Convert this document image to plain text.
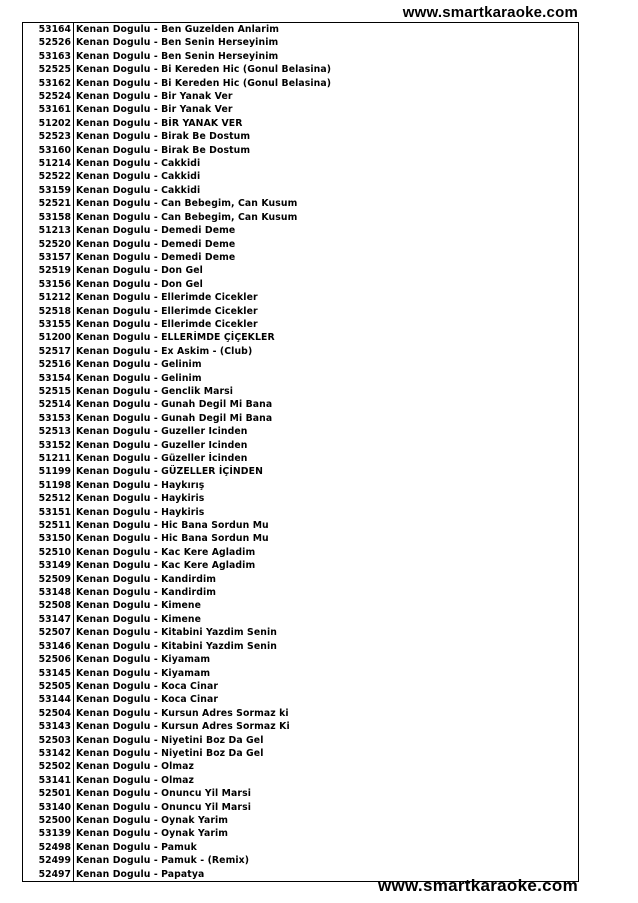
www.smartkaraoke.com
53164	Kenan Dogulu - Ben Guzelden Anlarim
52526	Kenan Dogulu - Ben Senin Herseyinim
53163	Kenan Dogulu - Ben Senin Herseyinim
52525	Kenan Dogulu - Bi Kereden Hic (Gonul Belasina)
53162	Kenan Dogulu - Bi Kereden Hic (Gonul Belasina)
52524	Kenan Dogulu - Bir Yanak Ver
53161	Kenan Dogulu - Bir Yanak Ver
51202	Kenan Dogulu - BİR YANAK VER
52523	Kenan Dogulu - Birak Be Dostum
53160	Kenan Dogulu - Birak Be Dostum
51214	Kenan Dogulu - Cakkidi
52522	Kenan Dogulu - Cakkidi
53159	Kenan Dogulu - Cakkidi
52521	Kenan Dogulu - Can Bebegim, Can Kusum
53158	Kenan Dogulu - Can Bebegim, Can Kusum
51213	Kenan Dogulu - Demedi Deme
52520	Kenan Dogulu - Demedi Deme
53157	Kenan Dogulu - Demedi Deme
52519	Kenan Dogulu - Don Gel
53156	Kenan Dogulu - Don Gel
51212	Kenan Dogulu - Ellerimde Cicekler
52518	Kenan Dogulu - Ellerimde Cicekler
53155	Kenan Dogulu - Ellerimde Cicekler
51200	Kenan Dogulu - ELLERİMDE ÇİÇEKLER
52517	Kenan Dogulu - Ex Askim - (Club)
52516	Kenan Dogulu - Gelinim
53154	Kenan Dogulu - Gelinim
52515	Kenan Dogulu - Genclik Marsi
52514	Kenan Dogulu - Gunah Degil Mi Bana
53153	Kenan Dogulu - Gunah Degil Mi Bana
52513	Kenan Dogulu - Guzeller Icinden
53152	Kenan Dogulu - Guzeller Icinden
51211	Kenan Dogulu - Güzeller İcinden
51199	Kenan Dogulu - GÜZELLER İÇİNDEN
51198	Kenan Dogulu - Haykırış
52512	Kenan Dogulu - Haykiris
53151	Kenan Dogulu - Haykiris
52511	Kenan Dogulu - Hic Bana Sordun Mu
53150	Kenan Dogulu - Hic Bana Sordun Mu
52510	Kenan Dogulu - Kac Kere Agladim
53149	Kenan Dogulu - Kac Kere Agladim
52509	Kenan Dogulu - Kandirdim
53148	Kenan Dogulu - Kandirdim
52508	Kenan Dogulu - Kimene
53147	Kenan Dogulu - Kimene
52507	Kenan Dogulu - Kitabini Yazdim Senin
53146	Kenan Dogulu - Kitabini Yazdim Senin
52506	Kenan Dogulu - Kiyamam
53145	Kenan Dogulu - Kiyamam
52505	Kenan Dogulu - Koca Cinar
53144	Kenan Dogulu - Koca Cinar
52504	Kenan Dogulu - Kursun Adres Sormaz ki
53143	Kenan Dogulu - Kursun Adres Sormaz Ki
52503	Kenan Dogulu - Niyetini Boz Da Gel
53142	Kenan Dogulu - Niyetini Boz Da Gel
52502	Kenan Dogulu - Olmaz
53141	Kenan Dogulu - Olmaz
52501	Kenan Dogulu - Onuncu Yil Marsi
53140	Kenan Dogulu - Onuncu Yil Marsi
52500	Kenan Dogulu - Oynak Yarim
53139	Kenan Dogulu - Oynak Yarim
52498	Kenan Dogulu - Pamuk
52499	Kenan Dogulu - Pamuk - (Remix)
52497	Kenan Dogulu - Papatya
www.smartkaraoke.com
